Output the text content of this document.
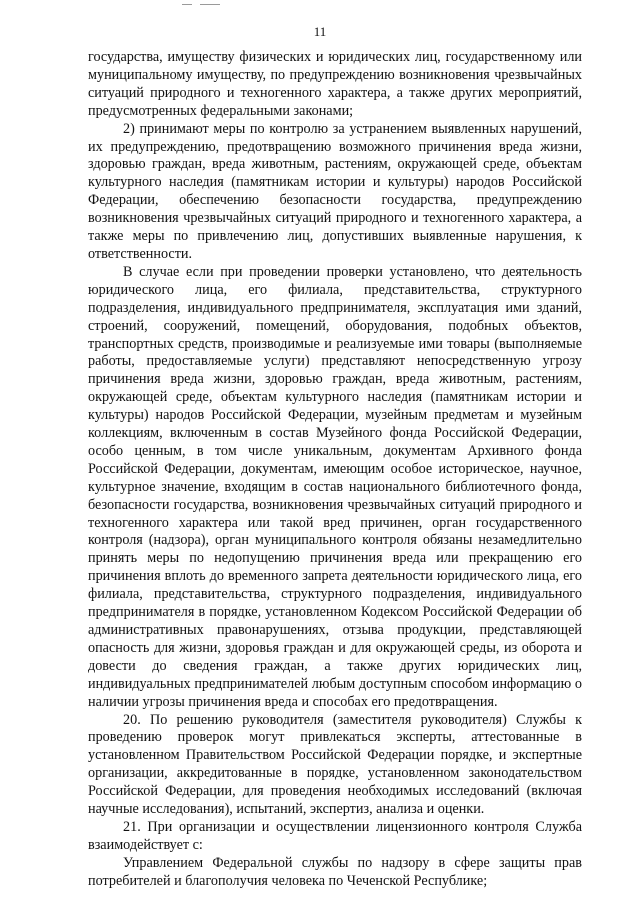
11

государства, имуществу физических и юридических лиц, государственному или муниципальному имуществу, по предупреждению возникновения чрезвычайных ситуаций природного и техногенного характера, а также других мероприятий, предусмотренных федеральными законами;

2) принимают меры по контролю за устранением выявленных нарушений, их предупреждению, предотвращению возможного причинения вреда жизни, здоровью граждан, вреда животным, растениям, окружающей среде, объектам культурного наследия (памятникам истории и культуры) народов Российской Федерации, обеспечению безопасности государства, предупреждению возникновения чрезвычайных ситуаций природного и техногенного характера, а также меры по привлечению лиц, допустивших выявленные нарушения, к ответственности.

В случае если при проведении проверки установлено, что деятельность юридического лица, его филиала, представительства, структурного подразделения, индивидуального предпринимателя, эксплуатация ими зданий, строений, сооружений, помещений, оборудования, подобных объектов, транспортных средств, производимые и реализуемые ими товары (выполняемые работы, предоставляемые услуги) представляют непосредственную угрозу причинения вреда жизни, здоровью граждан, вреда животным, растениям, окружающей среде, объектам культурного наследия (памятникам истории и культуры) народов Российской Федерации, музейным предметам и музейным коллекциям, включенным в состав Музейного фонда Российской Федерации, особо ценным, в том числе уникальным, документам Архивного фонда Российской Федерации, документам, имеющим особое историческое, научное, культурное значение, входящим в состав национального библиотечного фонда, безопасности государства, возникновения чрезвычайных ситуаций природного и техногенного характера или такой вред причинен, орган государственного контроля (надзора), орган муниципального контроля обязаны незамедлительно принять меры по недопущению причинения вреда или прекращению его причинения вплоть до временного запрета деятельности юридического лица, его филиала, представительства, структурного подразделения, индивидуального предпринимателя в порядке, установленном Кодексом Российской Федерации об административных правонарушениях, отзыва продукции, представляющей опасность для жизни, здоровья граждан и для окружающей среды, из оборота и довести до сведения граждан, а также других юридических лиц, индивидуальных предпринимателей любым доступным способом информацию о наличии угрозы причинения вреда и способах его предотвращения.

20. По решению руководителя (заместителя руководителя) Службы к проведению проверок могут привлекаться эксперты, аттестованные в установленном Правительством Российской Федерации порядке, и экспертные организации, аккредитованные в порядке, установленном законодательством Российской Федерации, для проведения необходимых исследований (включая научные исследования), испытаний, экспертиз, анализа и оценки.

21. При организации и осуществлении лицензионного контроля Служба взаимодействует с:

Управлением Федеральной службы по надзору в сфере защиты прав потребителей и благополучия человека по Чеченской Республике;
